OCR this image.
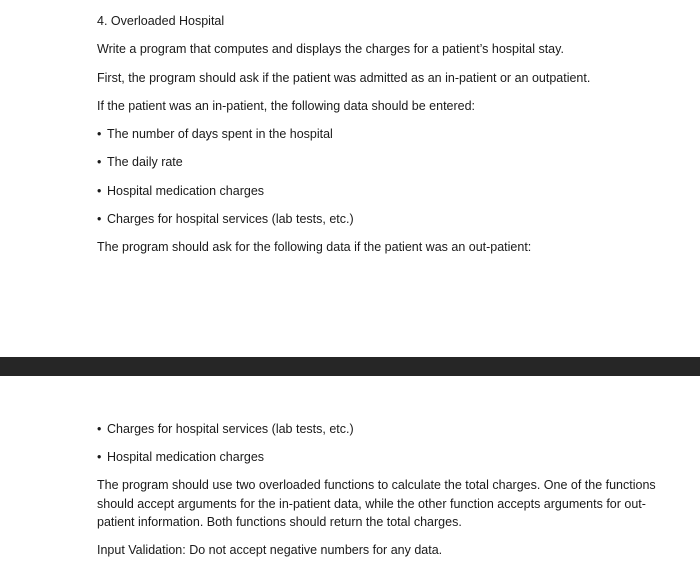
4. Overloaded Hospital
Write a program that computes and displays the charges for a patient’s hospital stay.
First, the program should ask if the patient was admitted as an in-patient or an outpatient.
If the patient was an in-patient, the following data should be entered:
• The number of days spent in the hospital
• The daily rate
• Hospital medication charges
• Charges for hospital services (lab tests, etc.)
The program should ask for the following data if the patient was an out-patient:
• Charges for hospital services (lab tests, etc.)
• Hospital medication charges
The program should use two overloaded functions to calculate the total charges. One of the functions should accept arguments for the in-patient data, while the other function accepts arguments for out-patient information. Both functions should return the total charges.
Input Validation: Do not accept negative numbers for any data.
